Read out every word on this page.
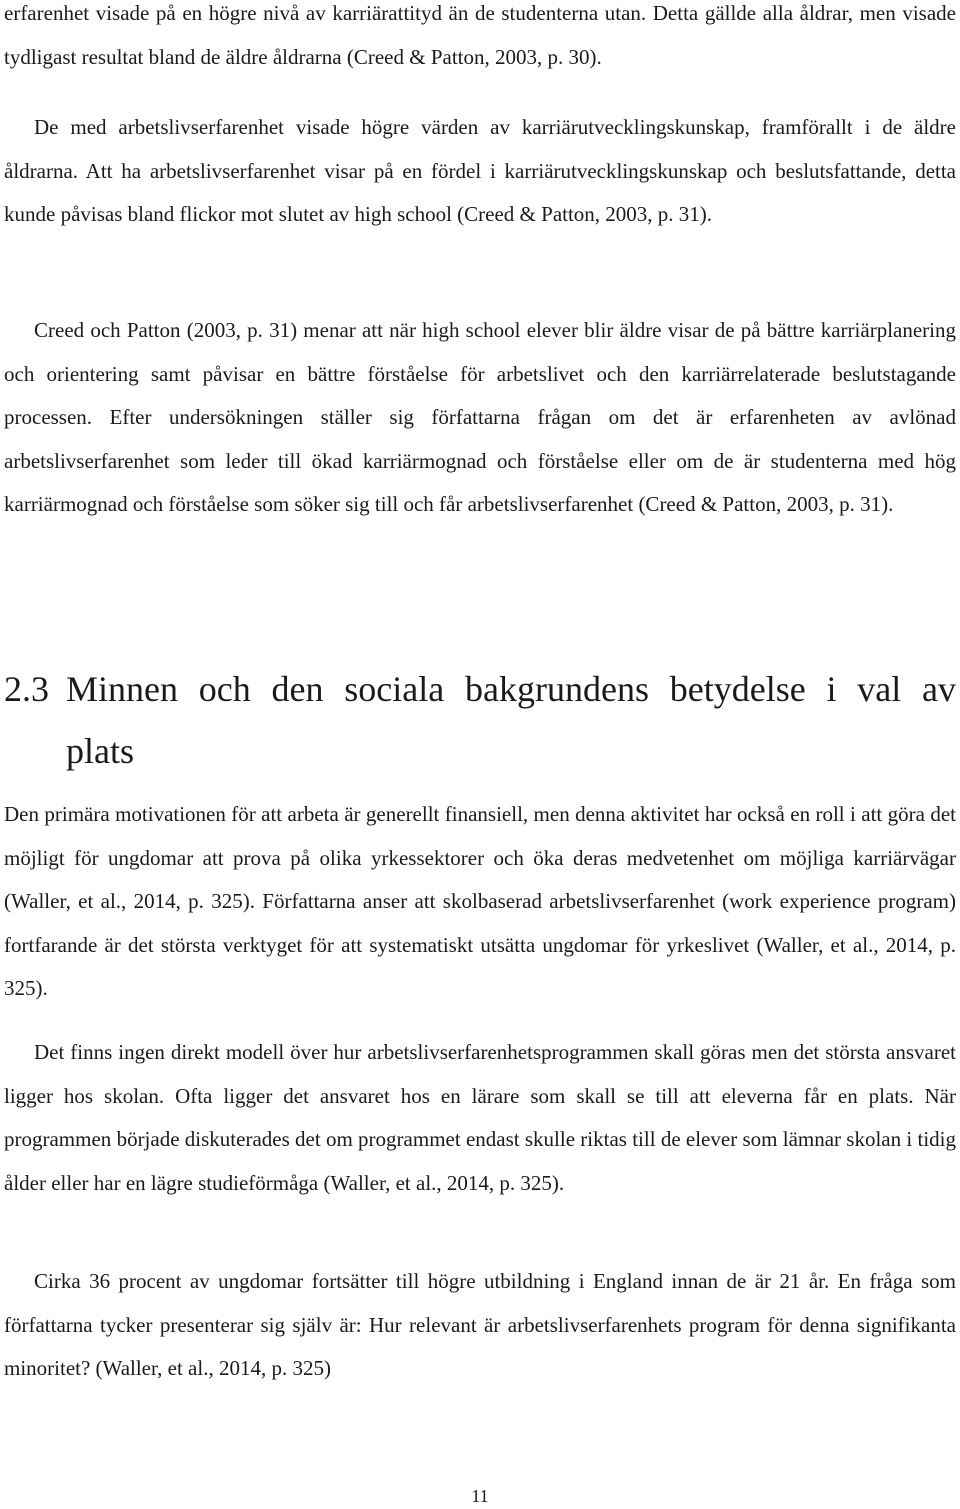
erfarenhet visade på en högre nivå av karriärattityd än de studenterna utan. Detta gällde alla åldrar, men visade tydligast resultat bland de äldre åldrarna (Creed & Patton, 2003, p. 30).

De med arbetslivserfarenhet visade högre värden av karriärutvecklingskunskap, framförallt i de äldre åldrarna. Att ha arbetslivserfarenhet visar på en fördel i karriärutvecklingskunskap och beslutsfattande, detta kunde påvisas bland flickor mot slutet av high school (Creed & Patton, 2003, p. 31).

Creed och Patton (2003, p. 31) menar att när high school elever blir äldre visar de på bättre karriärplanering och orientering samt påvisar en bättre förståelse för arbetslivet och den karriärrelaterade beslutstagande processen. Efter undersökningen ställer sig författarna frågan om det är erfarenheten av avlönad arbetslivserfarenhet som leder till ökad karriärmognad och förståelse eller om de är studenterna med hög karriärmognad och förståelse som söker sig till och får arbetslivserfarenhet (Creed & Patton, 2003, p. 31).

2.3 Minnen och den sociala bakgrundens betydelse i val av
plats

Den primära motivationen för att arbeta är generellt finansiell, men denna aktivitet har också en roll i att göra det möjligt för ungdomar att prova på olika yrkessektorer och öka deras medvetenhet om möjliga karriärvägar (Waller, et al., 2014, p. 325). Författarna anser att skolbaserad arbetslivserfarenhet (work experience program) fortfarande är det största verktyget för att systematiskt utsätta ungdomar för yrkeslivet (Waller, et al., 2014, p. 325).

Det finns ingen direkt modell över hur arbetslivserfarenhetsprogrammen skall göras men det största ansvaret ligger hos skolan. Ofta ligger det ansvaret hos en lärare som skall se till att eleverna får en plats. När programmen började diskuterades det om programmet endast skulle riktas till de elever som lämnar skolan i tidig ålder eller har en lägre studieförmåga (Waller, et al., 2014, p. 325).

Cirka 36 procent av ungdomar fortsätter till högre utbildning i England innan de är 21 år. En fråga som författarna tycker presenterar sig själv är: Hur relevant är arbetslivserfarenhets program för denna signifikanta minoritet? (Waller, et al., 2014, p. 325)

11
